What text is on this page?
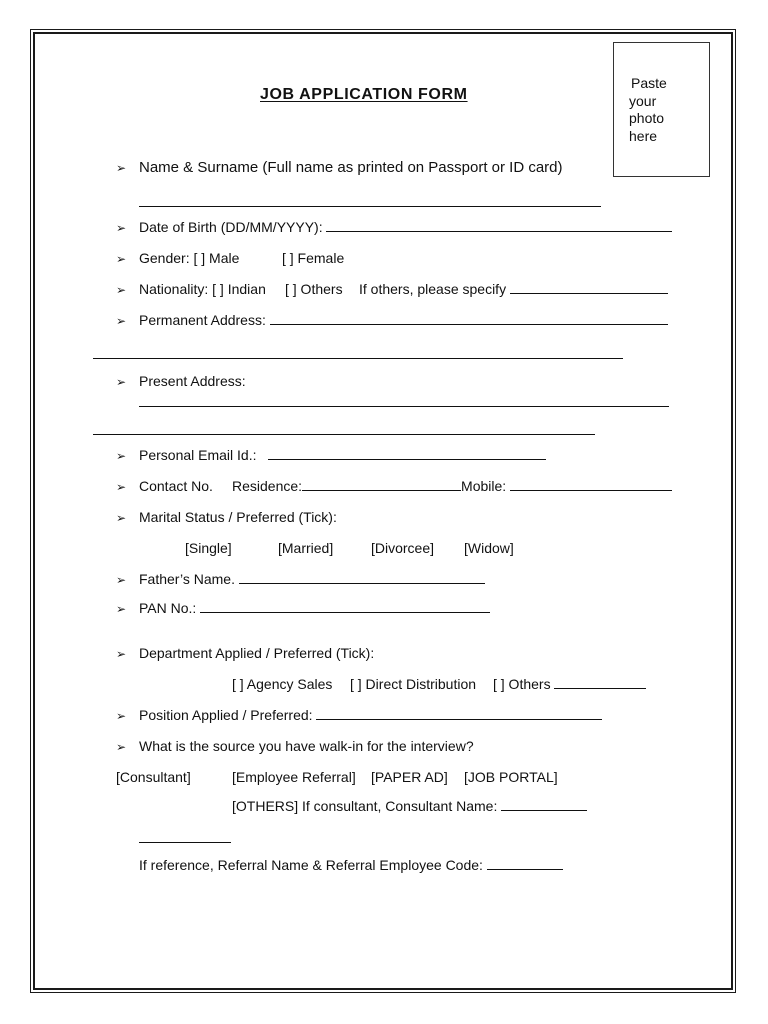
Paste
your
photo
here
JOB APPLICATION FORM
➢ Name & Surname (Full name as printed on Passport or ID card)
➢ Date of Birth (DD/MM/YYYY):
➢ Gender: [ ] Male	[ ] Female
➢ Nationality: [ ] Indian [ ] Others If others, please specify
➢ Permanent Address:
➢ Present Address:
➢ Personal Email Id.:
➢ Contact No. Residence:	Mobile:
➢ Marital Status / Preferred (Tick):
[Single]	[Married]	[Divorcee] [Widow]
➢ Father’s Name.
➢ PAN No.:
➢ Department Applied / Preferred (Tick):
[ ] Agency Sales [ ] Direct Distribution [ ] Others
➢ Position Applied / Preferred:
➢ What is the source you have walk-in for the interview?
[Consultant]	[Employee Referral] [PAPER AD] [JOB PORTAL]
[OTHERS] If consultant, Consultant Name:
If reference, Referral Name & Referral Employee Code:
